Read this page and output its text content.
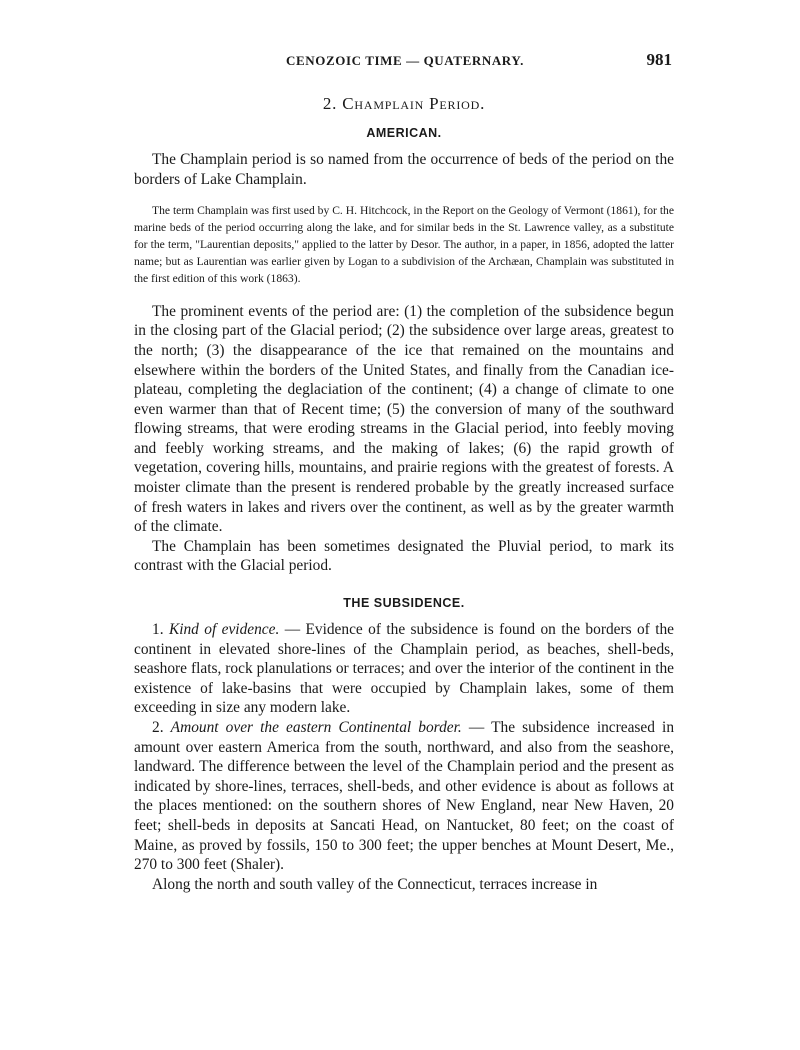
CENOZOIC TIME — QUATERNARY.	981
2. Champlain Period.
AMERICAN.

The Champlain period is so named from the occurrence of beds of the period on the borders of Lake Champlain.

The term Champlain was first used by C. H. Hitchcock, in the Report on the Geology of Vermont (1861), for the marine beds of the period occurring along the lake, and for similar beds in the St. Lawrence valley, as a substitute for the term, "Laurentian deposits," applied to the latter by Desor. The author, in a paper, in 1856, adopted the latter name; but as Laurentian was earlier given by Logan to a subdivision of the Archæan, Champlain was substituted in the first edition of this work (1863).

The prominent events of the period are: (1) the completion of the subsidence begun in the closing part of the Glacial period; (2) the subsidence over large areas, greatest to the north; (3) the disappearance of the ice that remained on the mountains and elsewhere within the borders of the United States, and finally from the Canadian ice-plateau, completing the deglaciation of the continent; (4) a change of climate to one even warmer than that of Recent time; (5) the conversion of many of the southward flowing streams, that were eroding streams in the Glacial period, into feebly moving and feebly working streams, and the making of lakes; (6) the rapid growth of vegetation, covering hills, mountains, and prairie regions with the greatest of forests. A moister climate than the present is rendered probable by the greatly increased surface of fresh waters in lakes and rivers over the continent, as well as by the greater warmth of the climate.

The Champlain has been sometimes designated the Pluvial period, to mark its contrast with the Glacial period.

THE SUBSIDENCE.

1. Kind of evidence. — Evidence of the subsidence is found on the borders of the continent in elevated shore-lines of the Champlain period, as beaches, shell-beds, seashore flats, rock planulations or terraces; and over the interior of the continent in the existence of lake-basins that were occupied by Champlain lakes, some of them exceeding in size any modern lake.

2. Amount over the eastern Continental border. — The subsidence increased in amount over eastern America from the south, northward, and also from the seashore, landward. The difference between the level of the Champlain period and the present as indicated by shore-lines, terraces, shell-beds, and other evidence is about as follows at the places mentioned: on the southern shores of New England, near New Haven, 20 feet; shell-beds in deposits at Sancati Head, on Nantucket, 80 feet; on the coast of Maine, as proved by fossils, 150 to 300 feet; the upper benches at Mount Desert, Me., 270 to 300 feet (Shaler).

Along the north and south valley of the Connecticut, terraces increase in
